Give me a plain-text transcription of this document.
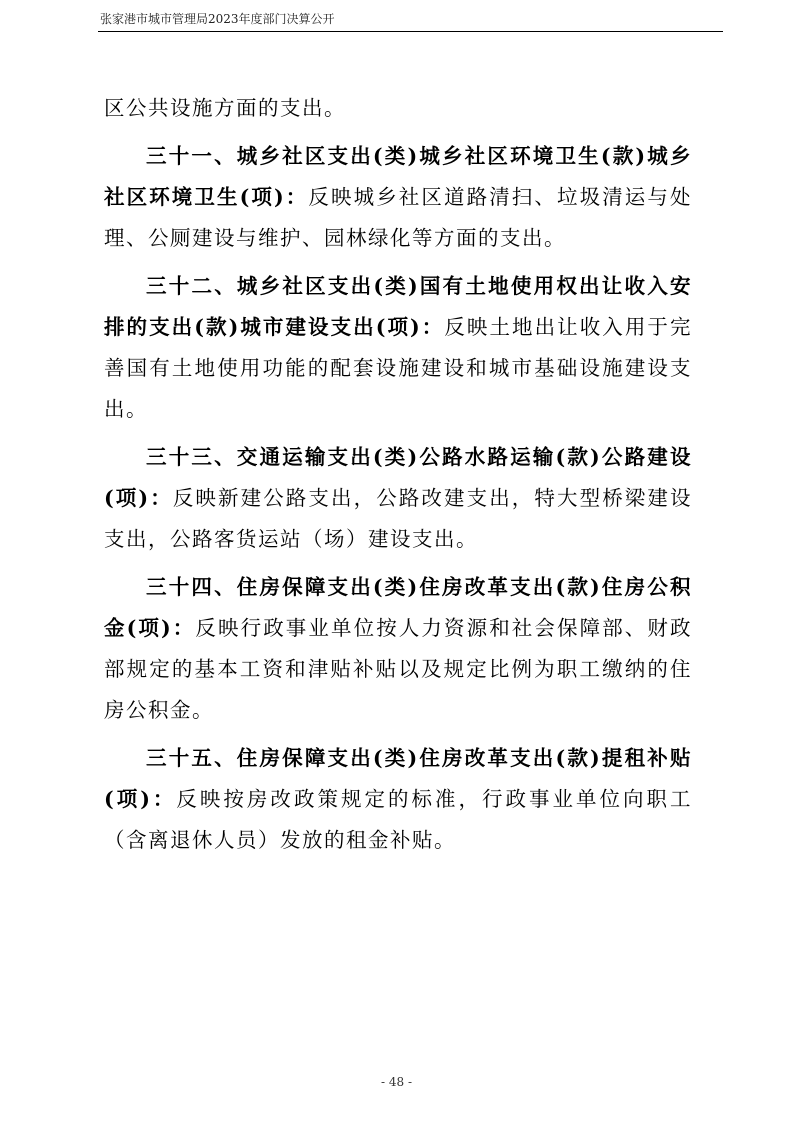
张家港市城市管理局2023年度部门决算公开

区公共设施方面的支出。

三十一、城乡社区支出(类)城乡社区环境卫生(款)城乡社区环境卫生(项)：反映城乡社区道路清扫、垃圾清运与处理、公厕建设与维护、园林绿化等方面的支出。

三十二、城乡社区支出(类)国有土地使用权出让收入安排的支出(款)城市建设支出(项)：反映土地出让收入用于完善国有土地使用功能的配套设施建设和城市基础设施建设支出。

三十三、交通运输支出(类)公路水路运输(款)公路建设(项)：反映新建公路支出，公路改建支出，特大型桥梁建设支出，公路客货运站（场）建设支出。

三十四、住房保障支出(类)住房改革支出(款)住房公积金(项)：反映行政事业单位按人力资源和社会保障部、财政部规定的基本工资和津贴补贴以及规定比例为职工缴纳的住房公积金。

三十五、住房保障支出(类)住房改革支出(款)提租补贴(项)：反映按房改政策规定的标准，行政事业单位向职工（含离退休人员）发放的租金补贴。

- 48 -
